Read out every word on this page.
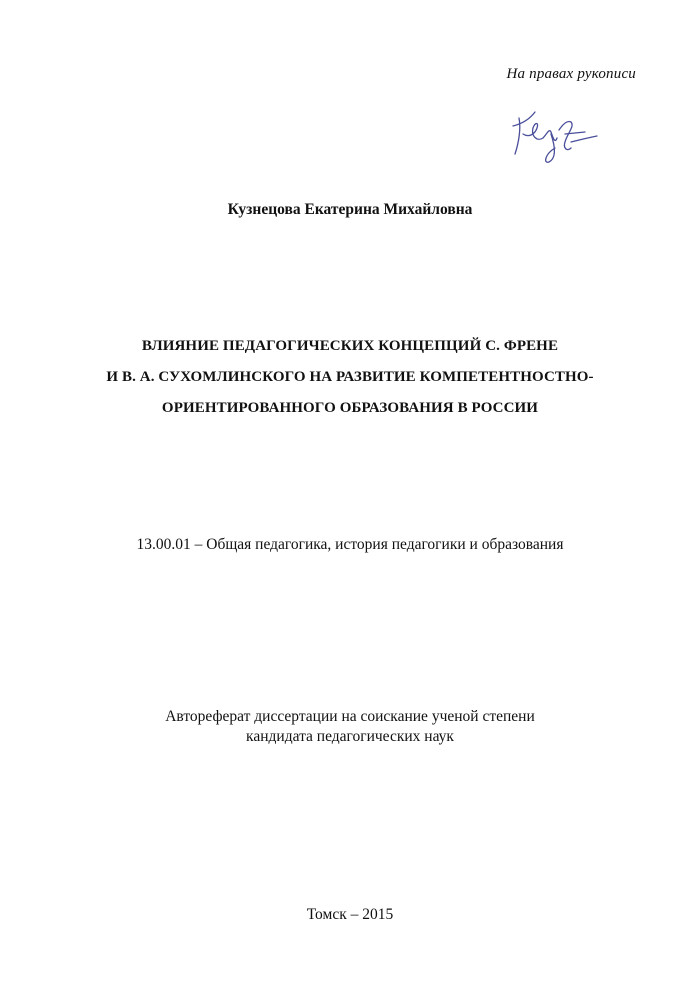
На правах рукописи
Кузнецова Екатерина Михайловна
ВЛИЯНИЕ ПЕДАГОГИЧЕСКИХ КОНЦЕПЦИЙ С. ФРЕНЕ
И В. А. СУХОМЛИНСКОГО НА РАЗВИТИЕ КОМПЕТЕНТНОСТНО-
ОРИЕНТИРОВАННОГО ОБРАЗОВАНИЯ В РОССИИ
13.00.01 – Общая педагогика, история педагогики и образования
Автореферат диссертации на соискание ученой степени
кандидата педагогических наук
Томск – 2015
